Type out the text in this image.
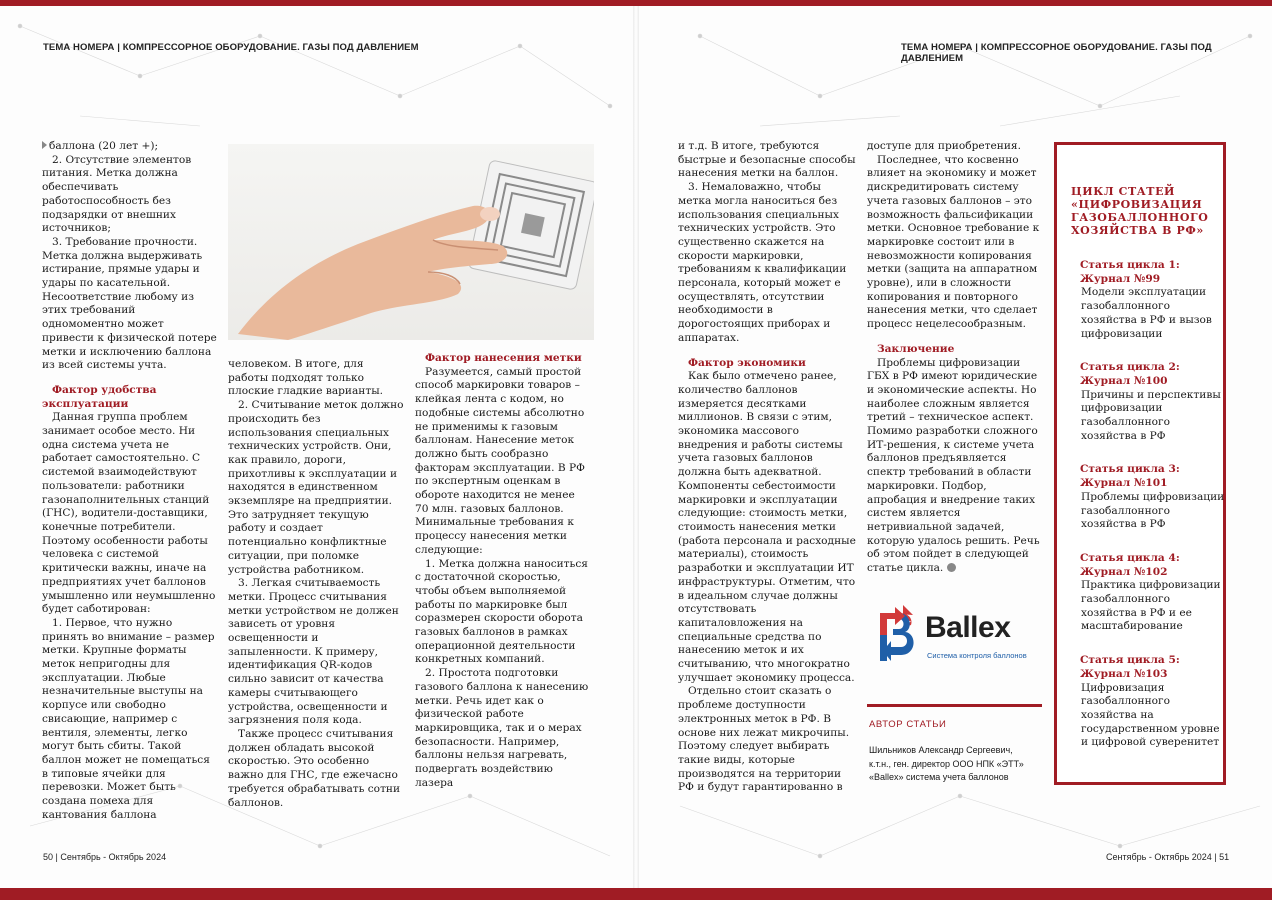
ТЕМА НОМЕРА | КОМПРЕССОРНОЕ ОБОРУДОВАНИЕ. ГАЗЫ ПОД ДАВЛЕНИЕМ	ТЕМА НОМЕРА | КОМПРЕССОРНОЕ ОБОРУДОВАНИЕ. ГАЗЫ ПОД ДАВЛЕНИЕМ

баллона (20 лет +);

2. Отсутствие элементов питания. Метка должна обеспечивать работоспособность без подзарядки от внешних источников;

3. Требование прочности. Метка должна выдерживать истирание, прямые удары и удары по касательной. Несоответствие любому из этих требований одномоментно может привести к физической потере метки и исключению баллона из всей системы учта.

Фактор удобства эксплуатации

Данная группа проблем занимает особое место. Ни одна система учета не работает самостоятельно. С системой взаимодействуют пользователи: работники газонаполнительных станций (ГНС), водители-доставщики, конечные потребители. Поэтому особенности работы человека с системой критически важны, иначе на предприятиях учет баллонов умышленно или неумышленно будет саботирован:

1. Первое, что нужно принять во внимание – размер метки. Крупные форматы меток непригодны для эксплуатации. Любые незначительные выступы на корпусе или свободно свисающие, например с вентиля, элементы, легко могут быть сбиты. Такой баллон может не помещаться в типовые ячейки для перевозки. Может быть создана помеха для кантования баллона

человеком. В итоге, для работы подходят только плоские гладкие варианты.

2. Считывание меток должно происходить без использования специальных технических устройств. Они, как правило, дороги, прихотливы к эксплуатации и находятся в единственном экземпляре на предприятии. Это затрудняет текущую работу и создает потенциально конфликтные ситуации, при поломке устройства работником.

3. Легкая считываемость метки. Процесс считывания метки устройством не должен зависеть от уровня освещенности и запыленности. К примеру, идентификация QR-кодов сильно зависит от качества камеры считывающего устройства, освещенности и загрязнения поля кода.

Также процесс считывания должен обладать высокой скоростью. Это особенно важно для ГНС, где ежечасно требуется обрабатывать сотни баллонов.

Фактор нанесения метки

Разумеется, самый простой способ маркировки товаров – клейкая лента с кодом, но подобные системы абсолютно не применимы к газовым баллонам. Нанесение меток должно быть сообразно факторам эксплуатации. В РФ по экспертным оценкам в обороте находится не менее 70 млн. газовых баллонов. Минимальные требования к процессу нанесения метки следующие:

1. Метка должна наноситься с достаточной скоростью, чтобы объем выполняемой работы по маркировке был соразмерен скорости оборота газовых баллонов в рамках операционной деятельности конкретных компаний.

2. Простота подготовки газового баллона к нанесению метки. Речь идет как о физической работе маркировщика, так и о мерах безопасности. Например, баллоны нельзя нагревать, подвергать воздействию лазера

и т.д. В итоге, требуются быстрые и безопасные способы нанесения метки на баллон.

3. Немаловажно, чтобы метка могла наноситься без использования специальных технических устройств. Это существенно скажется на скорости маркировки, требованиям к квалификации персонала, который может е осуществлять, отсутствии необходимости в дорогостоящих приборах и аппаратах.

Фактор экономики

Как было отмечено ранее, количество баллонов измеряется десятками миллионов. В связи с этим, экономика массового внедрения и работы системы учета газовых баллонов должна быть адекватной. Компоненты себестоимости маркировки и эксплуатации следующие: стоимость метки, стоимость нанесения метки (работа персонала и расходные материалы), стоимость разработки и эксплуатации ИТ инфраструктуры. Отметим, что в идеальном случае должны отсутствовать капиталовложения на специальные средства по нанесению меток и их считыванию, что многократно улучшает экономику процесса.

Отдельно стоит сказать о проблеме доступности электронных меток в РФ. В основе них лежат микрочипы. Поэтому следует выбирать такие виды, которые производятся на территории РФ и будут гарантированно в

доступе для приобретения.

Последнее, что косвенно влияет на экономику и может дискредитировать систему учета газовых баллонов – это возможность фальсификации метки. Основное требование к маркировке состоит или в невозможности копирования метки (защита на аппаратном уровне), или в сложности копирования и повторного нанесения метки, что сделает процесс нецелесообразным.

Заключение

Проблемы цифровизации ГБХ в РФ имеют юридические и экономические аспекты. Но наиболее сложным является третий – техническое аспект. Помимо разработки сложного ИТ-решения, к системе учета баллонов предъявляется спектр требований в области маркировки. Подбор, апробация и внедрение таких систем является нетривиальной задачей, которую удалось решить. Речь об этом пойдет в следующей статье цикла.

Ballex
Система контроля баллонов
АВТОР СТАТЬИ
Шильников Александр Сергеевич,
к.т.н., ген. директор ООО НПК «ЭТТ»
«Ballex» система учета баллонов
ЦИКЛ СТАТЕЙ «ЦИФРОВИЗАЦИЯ ГАЗОБАЛЛОННОГО ХОЗЯЙСТВА В РФ»
Статья цикла 1: Журнал №99
Модели эксплуатации газобаллонного хозяйства в РФ и вызов цифровизации
Статья цикла 2: Журнал №100
Причины и перспективы цифровизации газобаллонного хозяйства в РФ
Статья цикла 3: Журнал №101
Проблемы цифровизации газобаллонного хозяйства в РФ
Статья цикла 4: Журнал №102
Практика цифровизации газобаллонного хозяйства в РФ и ее масштабирование
Статья цикла 5: Журнал №103
Цифровизация газобаллонного хозяйства на государственном уровне и цифровой суверенитет
50 | Сентябрь - Октябрь 2024	Сентябрь - Октябрь 2024 | 51
